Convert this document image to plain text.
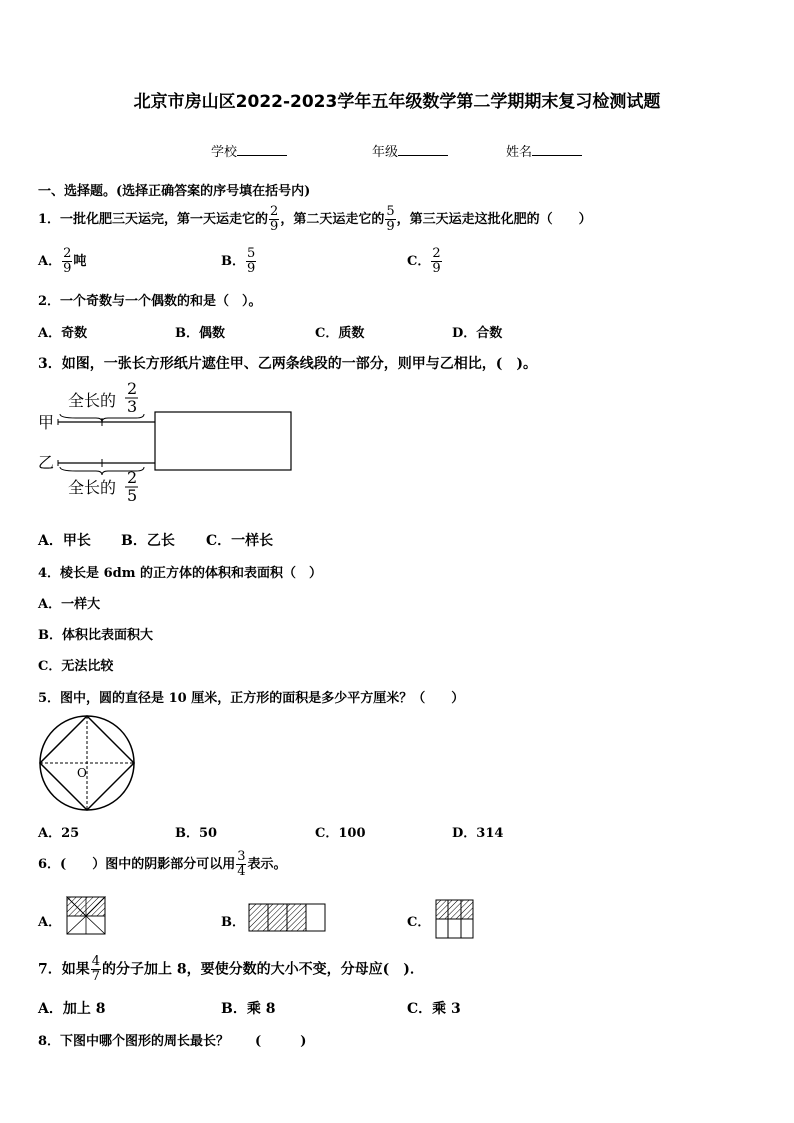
北京市房山区2022-2023学年五年级数学第二学期期末复习检测试题
学校	年级	姓名
一、选择题。(选择正确答案的序号填在括号内)
1．一批化肥三天运完，第一天运走它的 $\frac{2}{9}$ ，第二天运走它的 $\frac{5}{9}$ ，第三天运走这批化肥的（　　）
A． $\frac{2}{9}$ 吨	B． $\frac{5}{9}$	C． $\frac{2}{9}$
2．一个奇数与一个偶数的和是（　）。
A．奇数	B．偶数	C．质数	D．合数
3．如图，一张长方形纸片遮住甲、乙两条线段的一部分，则甲与乙相比，(　)。
全长的
2
3
甲
乙
全长的
2
5
A．甲长 B．乙长 C．一样长
4．棱长是 6dm 的正方体的体积和表面积（　）
A．一样大
B．体积比表面积大
C．无法比较
5．图中，圆的直径是 10 厘米，正方形的面积是多少平方厘米？（　　）
O
A．25	B．50	C．100	D．314
6．(　　）图中的阴影部分可以用 $\frac{3}{4}$ 表示。
A．	B．	C．
7．如果 $\frac{4}{7}$ 的分子加上 8，要使分数的大小不变，分母应(　)．
A．加上 8	B．乘 8	C．乘 3
8．下图中哪个图形的周长最长？　　(　　　)
